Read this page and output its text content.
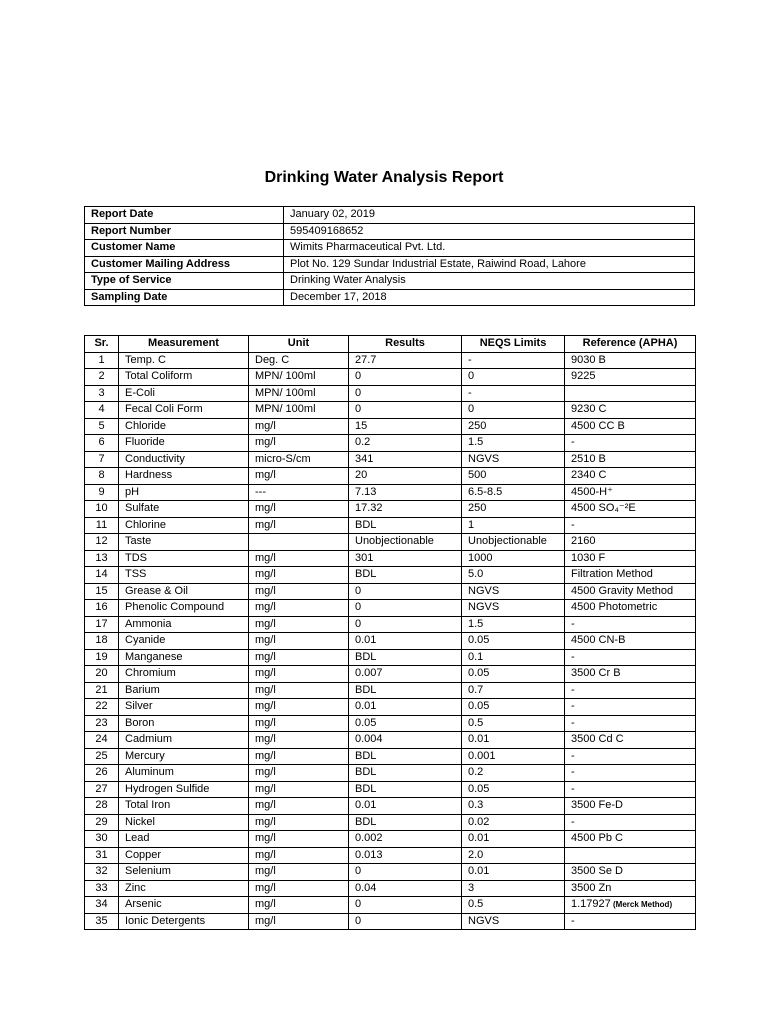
Drinking Water Analysis Report
Report Date	January 02, 2019
Report Number	595409168652
Customer Name	Wimits Pharmaceutical Pvt. Ltd.
Customer Mailing Address	Plot No. 129 Sundar Industrial Estate, Raiwind Road, Lahore
Type of Service	Drinking Water Analysis
Sampling Date	December 17, 2018
Sr.	Measurement	Unit	Results	NEQS Limits	Reference (APHA)
1	Temp. C	Deg. C	27.7	-	9030 B
2	Total Coliform	MPN/ 100ml	0	0	9225
3	E-Coli	MPN/ 100ml	0	-	
4	Fecal Coli Form	MPN/ 100ml	0	0	9230 C
5	Chloride	mg/l	15	250	4500 CC B
6	Fluoride	mg/l	0.2	1.5	-
7	Conductivity	micro-S/cm	341	NGVS	2510 B
8	Hardness	mg/l	20	500	2340 C
9	pH	---	7.13	6.5-8.5	4500-H⁺
10	Sulfate	mg/l	17.32	250	4500 SO₄⁻²E
11	Chlorine	mg/l	BDL	1	-
12	Taste		Unobjectionable	Unobjectionable	2160
13	TDS	mg/l	301	1000	1030 F
14	TSS	mg/l	BDL	5.0	Filtration Method
15	Grease & Oil	mg/l	0	NGVS	4500 Gravity Method
16	Phenolic Compound	mg/l	0	NGVS	4500 Photometric
17	Ammonia	mg/l	0	1.5	-
18	Cyanide	mg/l	0.01	0.05	4500 CN-B
19	Manganese	mg/l	BDL	0.1	-
20	Chromium	mg/l	0.007	0.05	3500 Cr B
21	Barium	mg/l	BDL	0.7	-
22	Silver	mg/l	0.01	0.05	-
23	Boron	mg/l	0.05	0.5	-
24	Cadmium	mg/l	0.004	0.01	3500 Cd C
25	Mercury	mg/l	BDL	0.001	-
26	Aluminum	mg/l	BDL	0.2	-
27	Hydrogen Sulfide	mg/l	BDL	0.05	-
28	Total Iron	mg/l	0.01	0.3	3500 Fe-D
29	Nickel	mg/l	BDL	0.02	-
30	Lead	mg/l	0.002	0.01	4500 Pb C
31	Copper	mg/l	0.013	2.0	
32	Selenium	mg/l	0	0.01	3500 Se D
33	Zinc	mg/l	0.04	3	3500 Zn
34	Arsenic	mg/l	0	0.5	1.17927 (Merck Method)
35	Ionic Detergents	mg/l	0	NGVS	-
